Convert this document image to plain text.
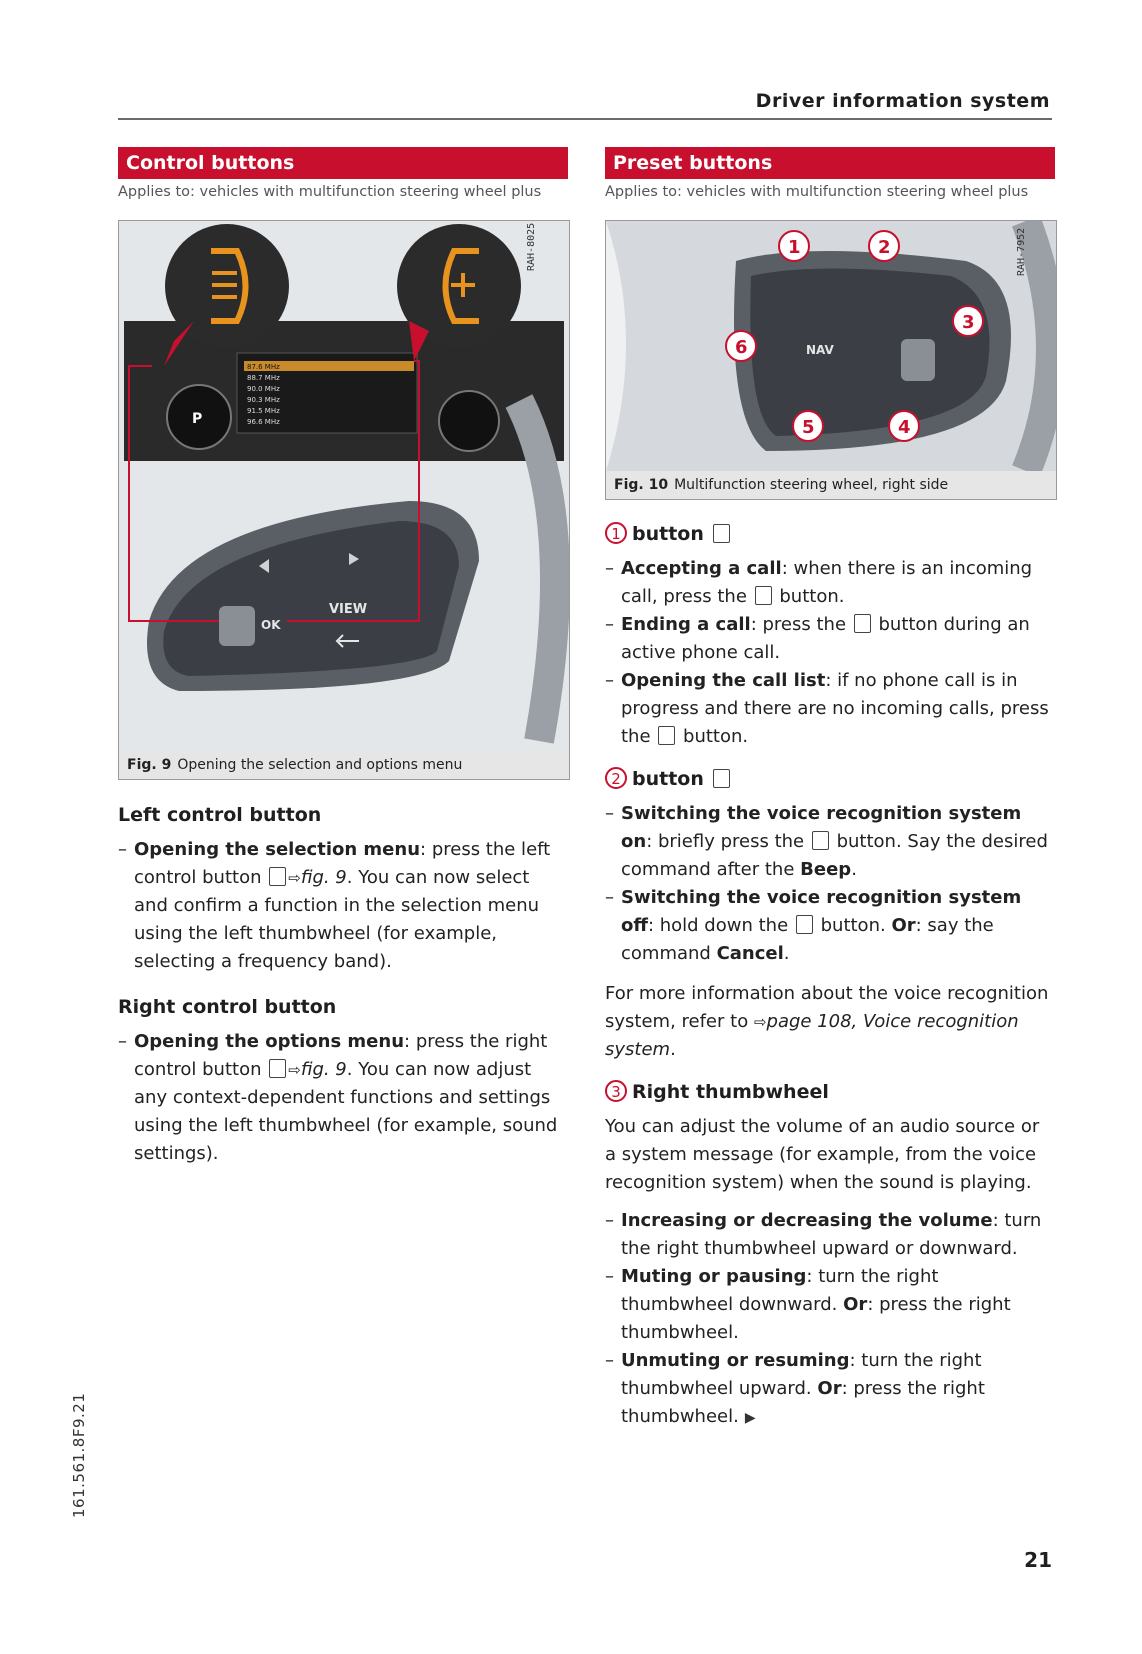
Driver information system
Control buttons
Applies to: vehicles with multifunction steering wheel plus
87.6 MHz
88.7 MHz
90.0 MHz
90.3 MHz
91.5 MHz
96.6 MHz
P
OK
VIEW
RAH-8025
Fig. 9 Opening the selection and options menu
Left control button
– Opening the selection menu: press the left control button ⇨fig. 9. You can now select and confirm a function in the selection menu using the left thumbwheel (for example, selecting a frequency band).
Right control button
– Opening the options menu: press the right control button ⇨fig. 9. You can now adjust any context-dependent functions and settings using the left thumbwheel (for example, sound settings).
Preset buttons
Applies to: vehicles with multifunction steering wheel plus
NAV
1	2
3
4
5
6
RAH-7952
Fig. 10 Multifunction steering wheel, right side
1 button
– Accepting a call: when there is an incoming call, press the button.
– Ending a call: press the button during an active phone call.
– Opening the call list: if no phone call is in progress and there are no incoming calls, press the button.
2 button
– Switching the voice recognition system on: briefly press the button. Say the desired command after the Beep.
– Switching the voice recognition system off: hold down the button. Or: say the command Cancel.

For more information about the voice recognition system, refer to ⇨page 108, Voice recognition system.

3 Right thumbwheel

You can adjust the volume of an audio source or a system message (for example, from the voice recognition system) when the sound is playing.

– Increasing or decreasing the volume: turn the right thumbwheel upward or downward.
– Muting or pausing: turn the right thumbwheel downward. Or: press the right thumbwheel.
– Unmuting or resuming: turn the right thumbwheel upward. Or: press the right thumbwheel. ▶
161.561.8F9.21
21
